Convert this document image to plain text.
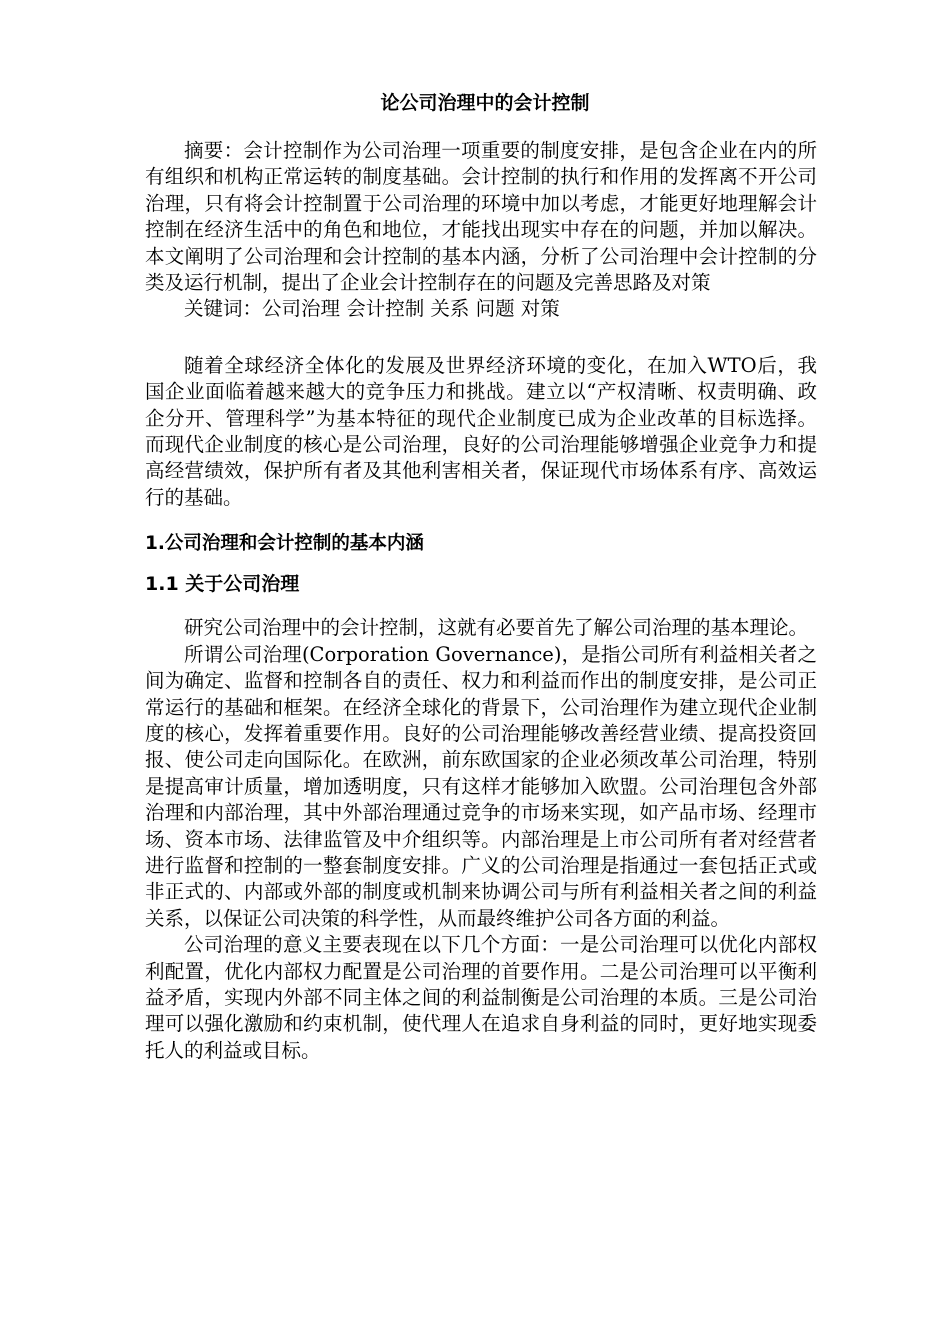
论公司治理中的会计控制

摘要：会计控制作为公司治理一项重要的制度安排，是包含企业在内的所有组织和机构正常运转的制度基础。会计控制的执行和作用的发挥离不开公司治理，只有将会计控制置于公司治理的环境中加以考虑，才能更好地理解会计控制在经济生活中的角色和地位，才能找出现实中存在的问题，并加以解决。本文阐明了公司治理和会计控制的基本内涵，分析了公司治理中会计控制的分类及运行机制，提出了企业会计控制存在的问题及完善思路及对策

关键词：公司治理 会计控制 关系 问题 对策

随着全球经济全体化的发展及世界经济环境的变化，在加入WTO后，我国企业面临着越来越大的竞争压力和挑战。建立以“产权清晰、权责明确、政企分开、管理科学”为基本特征的现代企业制度已成为企业改革的目标选择。而现代企业制度的核心是公司治理，良好的公司治理能够增强企业竞争力和提高经营绩效，保护所有者及其他利害相关者，保证现代市场体系有序、高效运行的基础。

1.公司治理和会计控制的基本内涵
1.1 关于公司治理

研究公司治理中的会计控制，这就有必要首先了解公司治理的基本理论。

所谓公司治理(Corporation Governance)，是指公司所有利益相关者之间为确定、监督和控制各自的责任、权力和利益而作出的制度安排，是公司正常运行的基础和框架。在经济全球化的背景下，公司治理作为建立现代企业制度的核心，发挥着重要作用。良好的公司治理能够改善经营业绩、提高投资回报、使公司走向国际化。在欧洲，前东欧国家的企业必须改革公司治理，特别是提高审计质量，增加透明度，只有这样才能够加入欧盟。公司治理包含外部治理和内部治理，其中外部治理通过竞争的市场来实现，如产品市场、经理市场、资本市场、法律监管及中介组织等。内部治理是上市公司所有者对经营者进行监督和控制的一整套制度安排。广义的公司治理是指通过一套包括正式或非正式的、内部或外部的制度或机制来协调公司与所有利益相关者之间的利益关系，以保证公司决策的科学性，从而最终维护公司各方面的利益。

公司治理的意义主要表现在以下几个方面：一是公司治理可以优化内部权利配置，优化内部权力配置是公司治理的首要作用。二是公司治理可以平衡利益矛盾，实现内外部不同主体之间的利益制衡是公司治理的本质。三是公司治理可以强化激励和约束机制，使代理人在追求自身利益的同时，更好地实现委托人的利益或目标。
